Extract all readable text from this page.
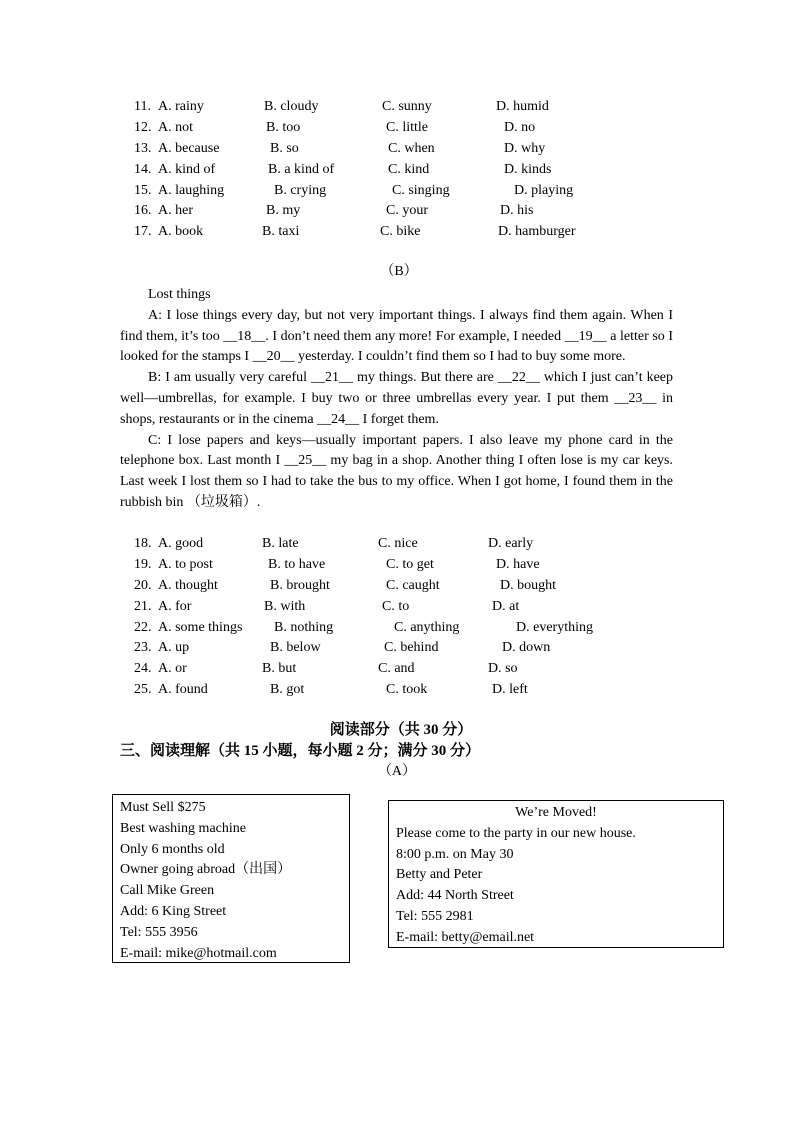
11. A. rainy	B. cloudy	C. sunny	D. humid
12. A. not	B. too	C. little	D. no
13. A. because	B. so	C. when	D. why
14. A. kind of	B. a kind of	C. kind	D. kinds
15. A. laughing	B. crying	C. singing	D. playing
16. A. her	B. my	C. your	D. his
17. A. book	B. taxi	C. bike	D. hamburger
（B）

Lost things

A: I lose things every day, but not very important things. I always find them again. When I find them, it’s too __18__. I don’t need them any more! For example, I needed __19__ a letter so I looked for the stamps I __20__ yesterday. I couldn’t find them so I had to buy some more.

B: I am usually very careful __21__ my things. But there are __22__ which I just can’t keep well—umbrellas, for example. I buy two or three umbrellas every year. I put them __23__ in shops, restaurants or in the cinema __24__ I forget them.

C: I lose papers and keys—usually important papers. I also leave my phone card in the telephone box. Last month I __25__ my bag in a shop. Another thing I often lose is my car keys. Last week I lost them so I had to take the bus to my office. When I got home, I found them in the rubbish bin （垃圾箱）.

18. A. good	B. late	C. nice	D. early
19. A. to post	B. to have	C. to get	D. have
20. A. thought	B. brought	C. caught	D. bought
21. A. for	B. with	C. to	D. at
22. A. some things B. nothing	C. anything	D. everything
23. A. up	B. below	C. behind	D. down
24. A. or	B. but	C. and	D. so
25. A. found	B. got	C. took	D. left
阅读部分（共 30 分）
三、阅读理解（共 15 小题，每小题 2 分；满分 30 分）
（A）
Must Sell $275
Best washing machine
Only 6 months old
Owner going abroad（出国）
Call Mike Green
Add: 6 King Street
Tel: 555 3956
E-mail: mike@hotmail.com
We’re Moved!
Please come to the party in our new house.
8:00 p.m. on May 30
Betty and Peter
Add: 44 North Street
Tel: 555 2981
E-mail: betty@email.net
